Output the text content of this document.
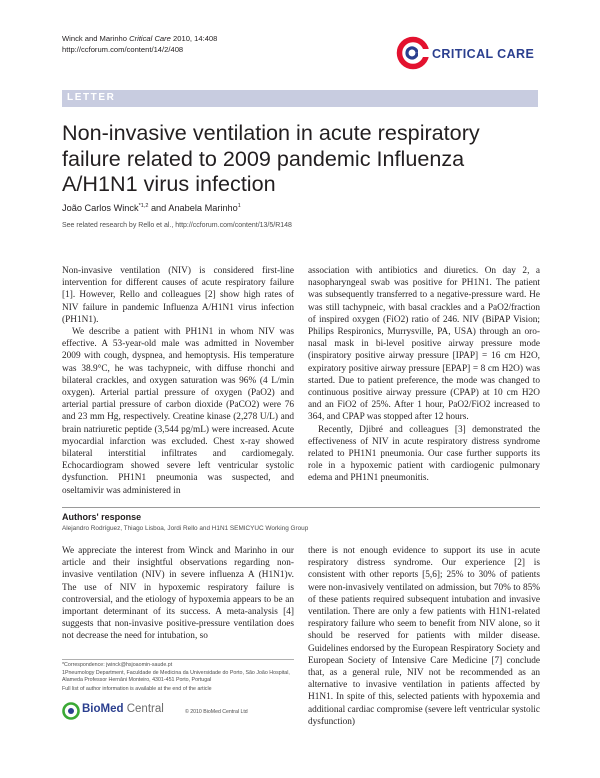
Winck and Marinho Critical Care 2010, 14:408
http://ccforum.com/content/14/2/408	CRITICAL CARE
LETTER
Non-invasive ventilation in acute respiratory failure related to 2009 pandemic Influenza A/H1N1 virus infection
João Carlos Winck$^{*1,2}$ and Anabela Marinho$^1$
See related research by Rello et al., http://ccforum.com/content/13/5/R148

Non-invasive ventilation (NIV) is considered first-line intervention for different causes of acute respiratory failure [1]. However, Rello and colleagues [2] show high rates of NIV failure in pandemic Influenza A/H1N1 virus infection (PH1N1).

We describe a patient with PH1N1 in whom NIV was effective. A 53-year-old male was admitted in November 2009 with cough, dyspnea, and hemoptysis. His temperature was 38.9°C, he was tachypneic, with diffuse rhonchi and bilateral crackles, and oxygen saturation was 96% (4 L/min oxygen). Arterial partial pressure of oxygen (PaO2) and arterial partial pressure of carbon dioxide (PaCO2) were 76 and 23 mm Hg, respectively. Creatine kinase (2,278 U/L) and brain natriuretic peptide (3,544 pg/mL) were increased. Acute myocardial infarction was excluded. Chest x-ray showed bilateral interstitial infiltrates and cardiomegaly. Echocardiogram showed severe left ventricular systolic dysfunction. PH1N1 pneumonia was suspected, and oseltamivir was administered in

association with antibiotics and diuretics. On day 2, a nasopharyngeal swab was positive for PH1N1. The patient was subsequently transferred to a negative-pressure ward. He was still tachypneic, with basal crackles and a PaO2/fraction of inspired oxygen (FiO2) ratio of 246. NIV (BiPAP Vision; Philips Respironics, Murrysville, PA, USA) through an oro-nasal mask in bi-level positive airway pressure mode (inspiratory positive airway pressure [IPAP] = 16 cm H2O, expiratory positive airway pressure [EPAP] = 8 cm H2O) was started. Due to patient preference, the mode was changed to continuous positive airway pressure (CPAP) at 10 cm H2O and an FiO2 of 25%. After 1 hour, PaO2/FiO2 increased to 364, and CPAP was stopped after 12 hours.

Recently, Djibré and colleagues [3] demonstrated the effectiveness of NIV in acute respiratory distress syndrome related to PH1N1 pneumonia. Our case further supports its role in a hypoxemic patient with cardiogenic pulmonary edema and PH1N1 pneumonitis.

Authors' response
Alejandro Rodríguez, Thiago Lisboa, Jordi Rello and H1N1 SEMICYUC Working Group

We appreciate the interest from Winck and Marinho in our article and their insightful observations regarding non-invasive ventilation (NIV) in severe influenza A (H1N1)v. The use of NIV in hypoxemic respiratory failure is controversial, and the etiology of hypoxemia appears to be an important determinant of its success. A meta-analysis [4] suggests that non-invasive positive-pressure ventilation does not decrease the need for intubation, so

there is not enough evidence to support its use in acute respiratory distress syndrome. Our experience [2] is consistent with other reports [5,6]; 25% to 30% of patients were non-invasively ventilated on admission, but 70% to 85% of these patients required subsequent intubation and invasive ventilation. There are only a few patients with H1N1-related respiratory failure who seem to benefit from NIV alone, so it should be reserved for patients with milder disease. Guidelines endorsed by the European Respiratory Society and European Society of Intensive Care Medicine [7] conclude that, as a general rule, NIV not be recommended as an alternative to invasive ventilation in patients affected by H1N1. In spite of this, selected patients with hypoxemia and additional cardiac compromise (severe left ventricular systolic dysfunction)

*Correspondence: jwinck@hsjoaomin-saude.pt
1Pneumology Department, Faculdade de Medicina da Universidade do Porto, São João Hospital, Alameda Professor Hernâni Monteiro, 4301-451 Porto, Portugal
Full list of author information is available at the end of the article
BioMed Central	© 2010 BioMed Central Ltd
